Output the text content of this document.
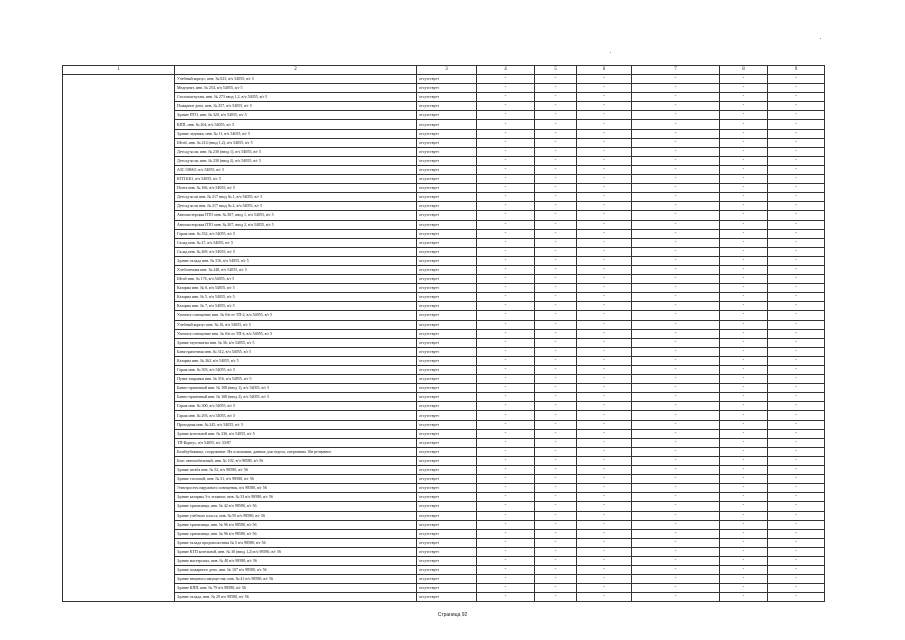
1	2	3	4	5	6	7	8	9
	Учебный корпус, инв. № 023, в/ч 54055, в/г 5	отсутствует	-	-	-	-	-	-
	Медпункт, инв. № 254, в/ч 54055, в/г 5	отсутствует	-	-	-	-	-	-
	Столовая-кухня, инв. № 273 ввод 1,2, в/ч 54055, в/г 5	отсутствует	-	-	-	-	-	-
	Пожарное депо, инв. № 257, в/ч 54055, в/г 5	отсутствует	-	-	-	-	-	-
	Здание ПТО, инв. № 320, в/ч 54055, в/г 5	отсутствует	-	-	-	-	-	-
	КПП, инв. № 264, в/ч 54055, в/г 5	отсутствует	-	-	-	-	-	-
	Здание ледника, инв. № 11, в/ч 54055, в/г 5	отсутствует	-	-	-	-	-	-
	Штаб, инв. № 214 (ввод 1,2), в/ч 54055, в/г 5	отсутствует	-	-	-	-	-	-
	Детсад-ясли, инв. № 230 (ввод 1), в/ч 54055, в/г 5	отсутствует	-	-	-	-	-	-
	Детсад-ясли, инв. № 230 (ввод 2), в/ч 54055, в/г 5	отсутствует	-	-	-	-	-	-
	АЗС ОВАО, в/ч 54055, в/г 5	отсутствует	-	-	-	-	-	-
	КТП БЗО, в/ч 54055, в/г 5	отсутствует	-	-	-	-	-	-
	Почта инв. № 166, в/ч 54055, в/г 5	отсутствует	-	-	-	-	-	-
	Детсад-ясли инв. № 217 ввод № 1, в/ч 54055, в/г 5	отсутствует	-	-	-	-	-	-
	Детсад-ясли инв. № 217 ввод № 2, в/ч 54055, в/г 5	отсутствует	-	-	-	-	-	-
	Автомастерская ПТО инв. № 307, ввод 1, в/ч 54055, в/г 5	отсутствует	-	-	-	-	-	-
	Автомастерская ПТО инв. № 307, ввод 2, в/ч 54055, в/г 5	отсутствует	-	-	-	-	-	-
	Гараж инв. № 332, в/ч 54055, в/г 5	отсутствует	-	-	-	-	-	-
	Склад инв. № 27, в/ч 54055, в/г 5	отсутствует	-	-	-	-	-	-
	Склад инв. № 269, в/ч 54055, в/г 5	отсутствует	-	-	-	-	-	-
	Здание склада инв. № 316, в/ч 54055, в/г 5	отсутствует	-	-	-	-	-	-
	Хлебопечная инв. № 248, в/ч 54055, в/г 5	отсутствует	-	-	-	-	-	-
	Штаб инв. № 176, в/ч 54055, в/г 5	отсутствует	-	-	-	-	-	-
	Казарма инв. № 6, в/ч 54055, в/г 5	отсутствует	-	-	-	-	-	-
	Казарма инв. № 5, в/ч 54055, в/г 5	отсутствует	-	-	-	-	-	-
	Казарма инв. № 7, в/ч 54055, в/г 5	отсутствует	-	-	-	-	-	-
	Уличное освещение инв. № б/н от ТП-2, в/ч 54055, в/г 5	отсутствует	-	-	-	-	-	-
	Учебный корпус инв. № 16, в/ч 54055, в/г 5	отсутствует	-	-	-	-	-	-
	Уличное освещение инв. № б/н от ТП-4, в/ч 54055, в/г 5	отсутствует	-	-	-	-	-	-
	Здание гауптвахты инв. № 36, в/ч 54055, в/г 5	отсутствует	-	-	-	-	-	-
	Баня-прачечная инв. № 312, в/ч 54055, в/г 5	отсутствует	-	-	-	-	-	-
	Казарма инв. № 262, в/ч 54055, в/г 5	отсутствует	-	-	-	-	-	-
	Гараж инв. № 303, в/ч 54055, в/г 5	отсутствует	-	-	-	-	-	-
	Пункт заправки инв. № 316, в/ч 54055, в/г 5	отсутствует	-	-	-	-	-	-
	Банно-прачечный инв. № 108 (ввод 1), в/ч 54055, в/г 5	отсутствует	-	-	-	-	-	-
	Банно-прачечный инв. № 108 (ввод 2), в/ч 54055, в/г 5	отсутствует	-	-	-	-	-	-
	Гараж инв. № 300, в/ч 54055, в/г 5	отсутствует	-	-	-	-	-	-
	Гараж инв. № 293, в/ч 54055, в/г 5	отсутствует	-	-	-	-	-	-
	Проходная инв. № 245, в/ч 54055, в/г 5	отсутствует	-	-	-	-	-	-
	Здание котельной инв. № 236, в/ч 54055, в/г 5	отсутствует	-	-	-	-	-	-
	ТП-Корпус, в/ч 54055, в/г 33/87	отсутствует	-	-	-	-	-	-
	Бомбоубежище, сооружение: На основании, данные для отдела, оперативно 10в резервное	отсутствует	-	-	-	-	-	-
	Бокс автомобильный, инв. № 102, в/ч 98580, в/г 56	отсутствует	-	-	-	-	-	-
	Здание штаба инв. № 52, в/ч 98580, в/г 56	отсутствует	-	-	-	-	-	-
	Здание столовой, инв. № 31, в/ч 98580, в/г 56	отсутствует	-	-	-	-	-	-
	Электросеть наружного освещения, в/ч 98580, в/г 56	отсутствует	-	-	-	-	-	-
	Здание казармы 3-х этажное, инв. № 33 в/ч 98580, в/г 56	отсутствует	-	-	-	-	-	-
	Здание хранилища, инв. № 42 в/ч 98580, в/г 56	отсутствует	-	-	-	-	-	-
	Здание учебного класса, инв. № 95 в/ч 98580, в/г 56	отсутствует	-	-	-	-	-	-
	Здание хранилища, инв. № 96 в/ч 98580, в/г 56	отсутствует	-	-	-	-	-	-
	Здание хранилища, инв. № 96 в/ч 98580, в/г 56	отсутствует	-	-	-	-	-	-
	Здание склада продовольствия № 5 в/ч 98580, в/г 56	отсутствует	-	-	-	-	-	-
	Здание КТП котельной, инв. № 30 (ввод 1,2) в/ч 98580, в/г 56	отсутствует	-	-	-	-	-	-
	Здание мастерских, инв. № 40 в/ч 98580, в/г 56	отсутствует	-	-	-	-	-	-
	Здание пожарного депо, инв. № 107 в/ч 98580, в/г 56	отсутствует	-	-	-	-	-	-
	Здание вещевого имущества, инв. № 41 в/ч 98580, в/г 56	отсутствует	-	-	-	-	-	-
	Здание КПП, инв. № 79 в/ч 98580, в/г 56	отсутствует	-	-	-	-	-	-
	Здание склада, инв. № 29 в/ч 98580, в/г 56	отсутствует	-	-	-	-	-	-
Страница 92
